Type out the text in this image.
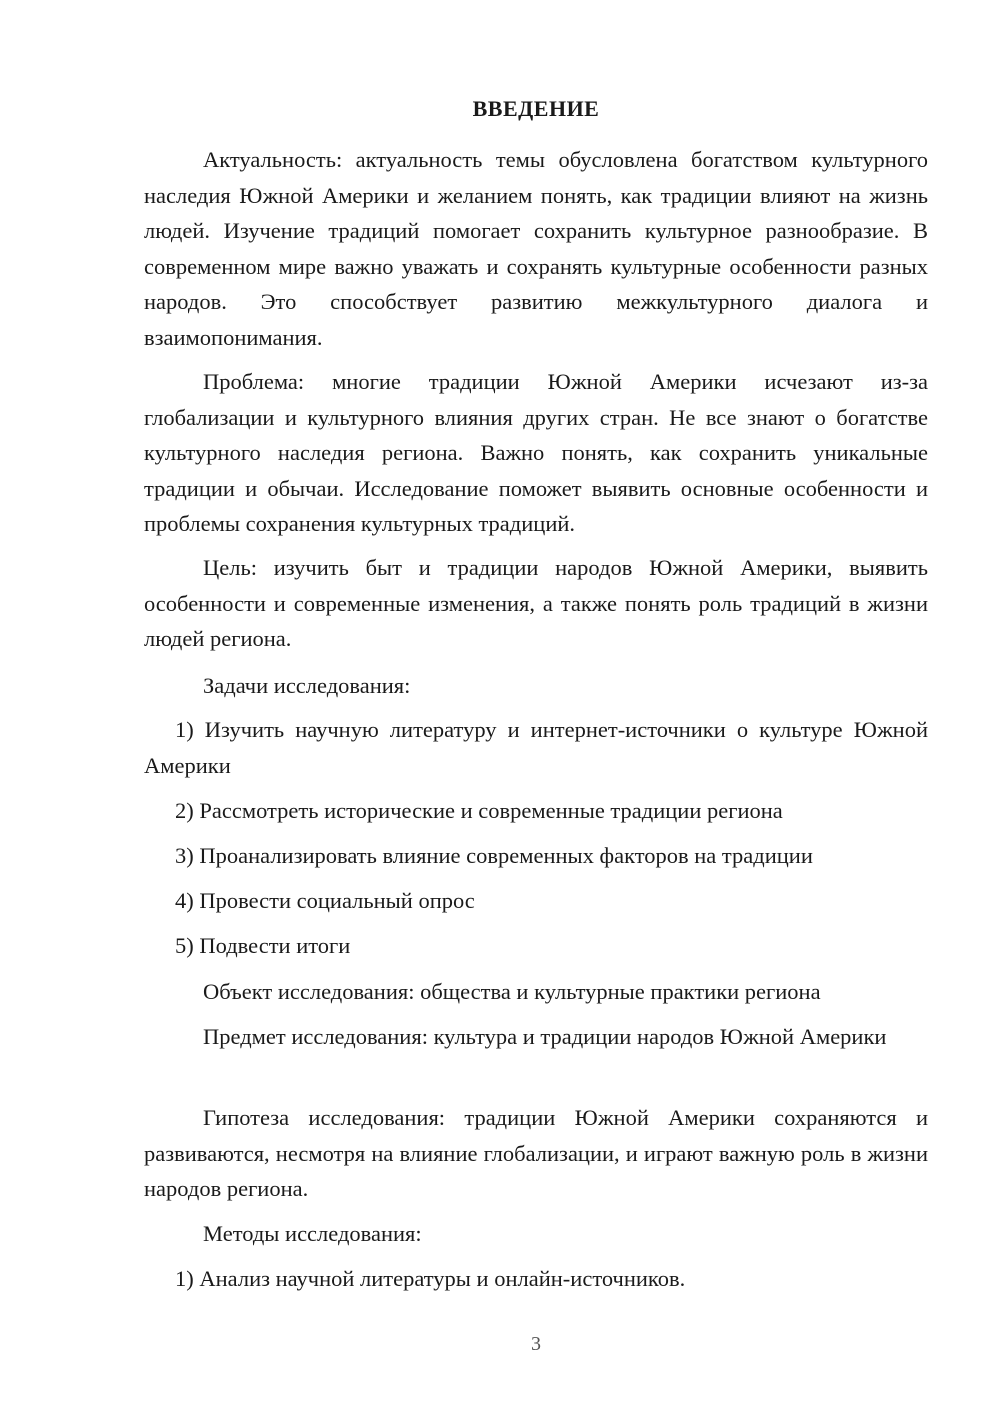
ВВЕДЕНИЕ

Актуальность: актуальность темы обусловлена богатством культурного наследия Южной Америки и желанием понять, как традиции влияют на жизнь людей. Изучение традиций помогает сохранить культурное разнообразие. В современном мире важно уважать и сохранять культурные особенности разных народов. Это способствует развитию межкультурного диалога и взаимопонимания.

Проблема: многие традиции Южной Америки исчезают из-за глобализации и культурного влияния других стран. Не все знают о богатстве культурного наследия региона. Важно понять, как сохранить уникальные традиции и обычаи. Исследование поможет выявить основные особенности и проблемы сохранения культурных традиций.

Цель: изучить быт и традиции народов Южной Америки, выявить особенности и современные изменения, а также понять роль традиций в жизни людей региона.

Задачи исследования:

1) Изучить научную литературу и интернет-источники о культуре Южной Америки

2) Рассмотреть исторические и современные традиции региона

3) Проанализировать влияние современных факторов на традиции

4) Провести социальный опрос

5) Подвести итоги

Объект исследования: общества и культурные практики региона

Предмет исследования: культура и традиции народов Южной Америки

Гипотеза исследования: традиции Южной Америки сохраняются и развиваются, несмотря на влияние глобализации, и играют важную роль в жизни народов региона.

Методы исследования:

1) Анализ научной литературы и онлайн-источников.

3
